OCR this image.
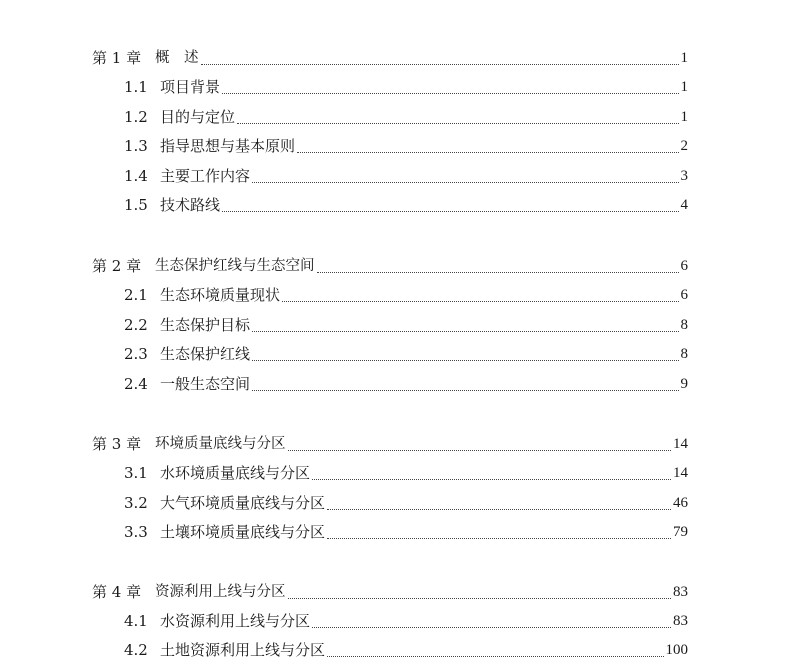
第 1 章 概　述	1
1.1 项目背景	1
1.2 目的与定位	1
1.3 指导思想与基本原则	2
1.4 主要工作内容	3
1.5 技术路线	4
第 2 章 生态保护红线与生态空间	6
2.1 生态环境质量现状	6
2.2 生态保护目标	8
2.3 生态保护红线	8
2.4 一般生态空间	9
第 3 章 环境质量底线与分区	14
3.1 水环境质量底线与分区	14
3.2 大气环境质量底线与分区	46
3.3 土壤环境质量底线与分区	79
第 4 章 资源利用上线与分区	83
4.1 水资源利用上线与分区	83
4.2 土地资源利用上线与分区	100
